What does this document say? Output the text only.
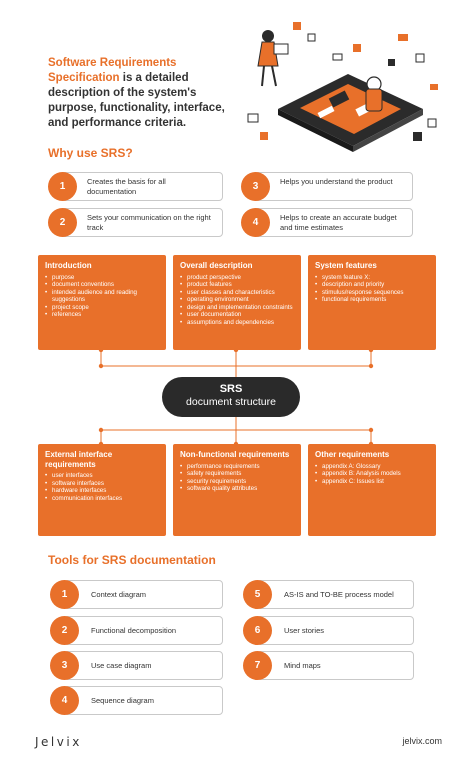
Software Requirements Specification is a detailed description of the system's purpose, functionality, interface, and performance criteria.
Why use SRS?
1	Creates the basis for all documentation
2	Sets your communication on the right track
3	Helps you understand the product
4	Helps to create an accurate budget and time estimates
Introduction
• purpose
• document conventions
• intended audience and reading suggestions
• project scope
• references
Overall description
• product perspective
• product features
• user classes and characteristics
• operating environment
• design and implementation constraints
• user documentation
• assumptions and dependencies
System features
• system feature X:
• description and priority
• stimulus/response sequences
• functional requirements
SRS
document structure
External interface requirements
• user interfaces
• software interfaces
• hardware interfaces
• communication interfaces
Non-functional requirements
• performance requirements
• safety requirements
• security requirements
• software quality attributes
Other requirements
• appendix A: Glossary
• appendix B: Analysis models
• appendix C: Issues list
Tools for SRS documentation
1	Context diagram
2	Functional decomposition
3	Use case diagram
4	Sequence diagram
5	AS-IS and TO-BE process model
6	User stories
7	Mind maps
Jelvix	jelvix.com
